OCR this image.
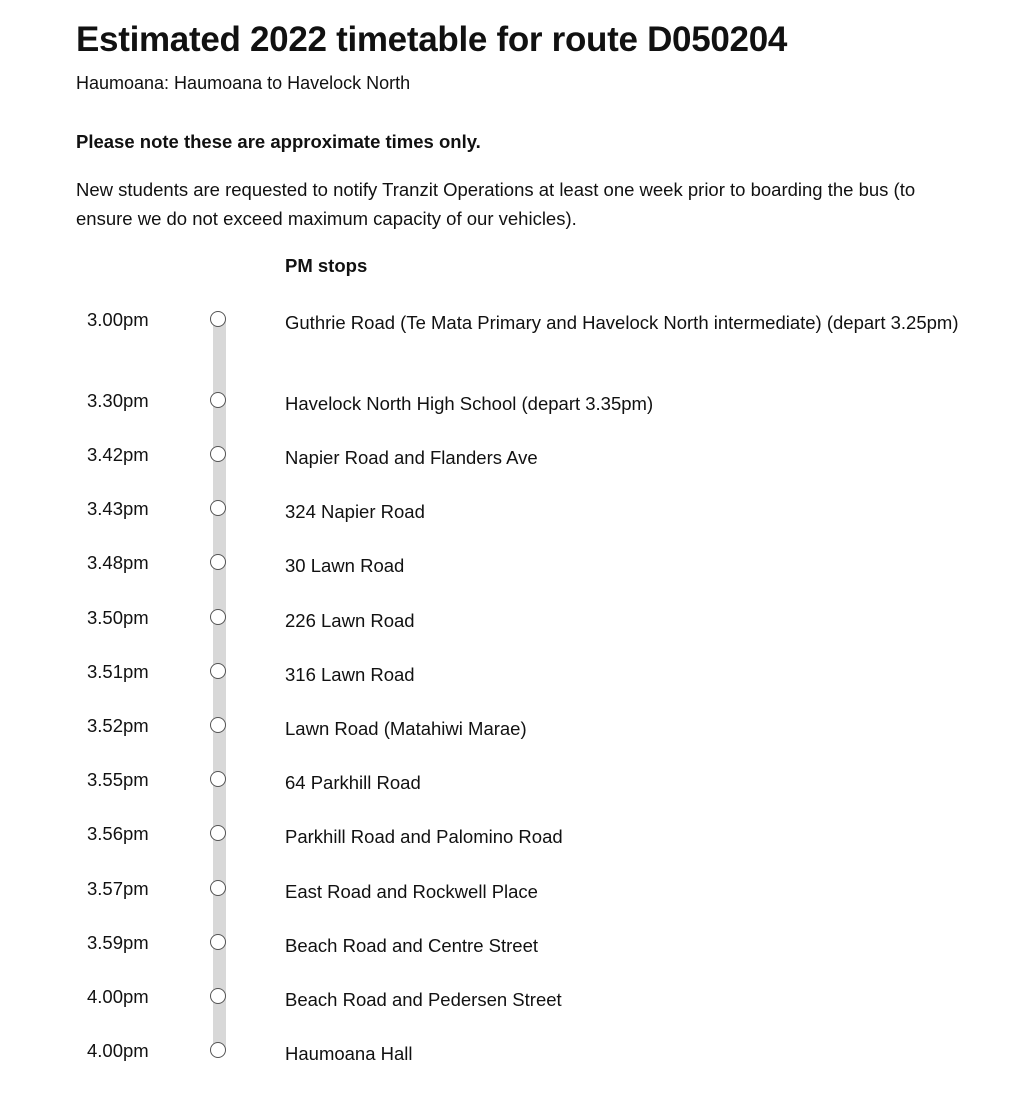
Estimated 2022 timetable for route D050204
Haumoana: Haumoana to Havelock North
Please note these are approximate times only.
New students are requested to notify Tranzit Operations at least one week prior to boarding the bus (to ensure we do not exceed maximum capacity of our vehicles).
PM stops
3.00pm	Guthrie Road (Te Mata Primary and Havelock North intermediate) (depart 3.25pm)
3.30pm	Havelock North High School (depart 3.35pm)
3.42pm	Napier Road and Flanders Ave
3.43pm	324 Napier Road
3.48pm	30 Lawn Road
3.50pm	226 Lawn Road
3.51pm	316 Lawn Road
3.52pm	Lawn Road (Matahiwi Marae)
3.55pm	64 Parkhill Road
3.56pm	Parkhill Road and Palomino Road
3.57pm	East Road and Rockwell Place
3.59pm	Beach Road and Centre Street
4.00pm	Beach Road and Pedersen Street
4.00pm	Haumoana Hall
